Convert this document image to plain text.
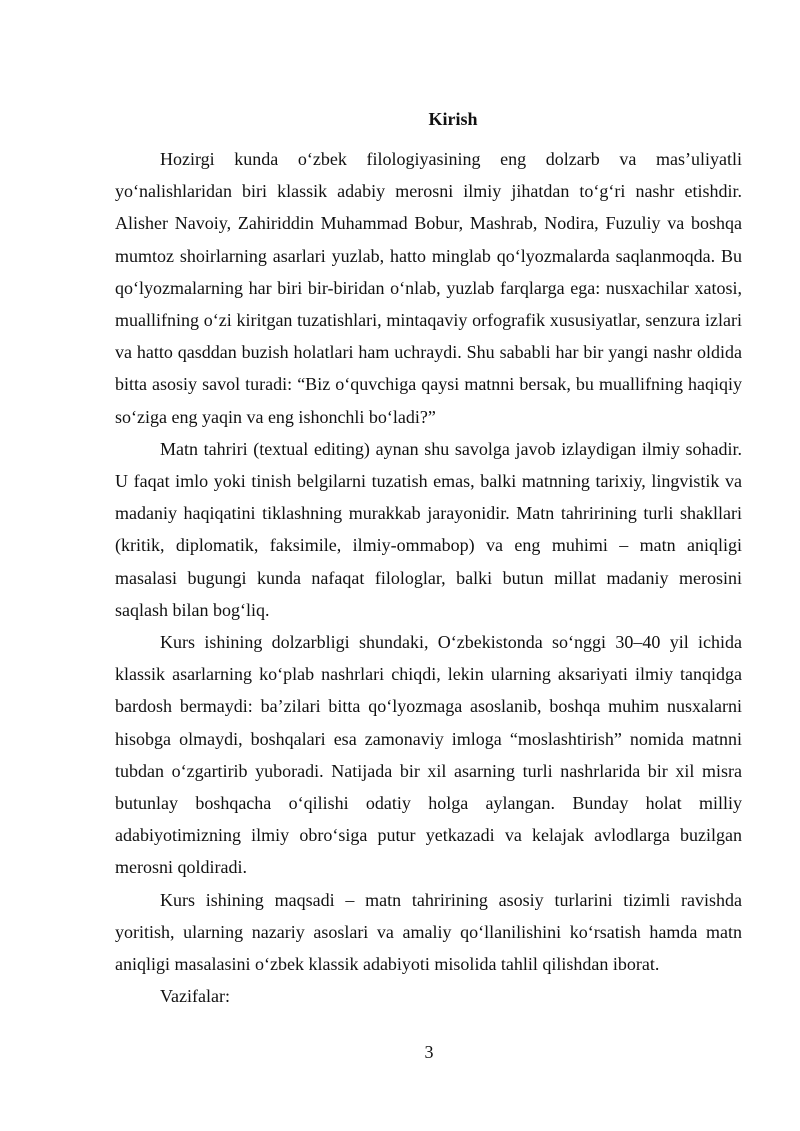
Kirish

Hozirgi kunda o‘zbek filologiyasining eng dolzarb va mas’uliyatli yo‘nalishlaridan biri klassik adabiy merosni ilmiy jihatdan to‘g‘ri nashr etishdir. Alisher Navoiy, Zahiriddin Muhammad Bobur, Mashrab, Nodira, Fuzuliy va boshqa mumtoz shoirlarning asarlari yuzlab, hatto minglab qo‘lyozmalarda saqlanmoqda. Bu qo‘lyozmalarning har biri bir-biridan o‘nlab, yuzlab farqlarga ega: nusxachilar xatosi, muallifning o‘zi kiritgan tuzatishlari, mintaqaviy orfografik xususiyatlar, senzura izlari va hatto qasddan buzish holatlari ham uchraydi. Shu sababli har bir yangi nashr oldida bitta asosiy savol turadi: “Biz o‘quvchiga qaysi matnni bersak, bu muallifning haqiqiy so‘ziga eng yaqin va eng ishonchli bo‘ladi?”

Matn tahriri (textual editing) aynan shu savolga javob izlaydigan ilmiy sohadir. U faqat imlo yoki tinish belgilarni tuzatish emas, balki matnning tarixiy, lingvistik va madaniy haqiqatini tiklashning murakkab jarayonidir. Matn tahririning turli shakllari (kritik, diplomatik, faksimile, ilmiy-ommabop) va eng muhimi – matn aniqligi masalasi bugungi kunda nafaqat filologlar, balki butun millat madaniy merosini saqlash bilan bog‘liq.

Kurs ishining dolzarbligi shundaki, O‘zbekistonda so‘nggi 30–40 yil ichida klassik asarlarning ko‘plab nashrlari chiqdi, lekin ularning aksariyati ilmiy tanqidga bardosh bermaydi: ba’zilari bitta qo‘lyozmaga asoslanib, boshqa muhim nusxalarni hisobga olmaydi, boshqalari esa zamonaviy imloga “moslashtirish” nomida matnni tubdan o‘zgartirib yuboradi. Natijada bir xil asarning turli nashrlarida bir xil misra butunlay boshqacha o‘qilishi odatiy holga aylangan. Bunday holat milliy adabiyotimizning ilmiy obro‘siga putur yetkazadi va kelajak avlodlarga buzilgan merosni qoldiradi.

Kurs ishining maqsadi – matn tahririning asosiy turlarini tizimli ravishda yoritish, ularning nazariy asoslari va amaliy qo‘llanilishini ko‘rsatish hamda matn aniqligi masalasini o‘zbek klassik adabiyoti misolida tahlil qilishdan iborat.

Vazifalar:

3
